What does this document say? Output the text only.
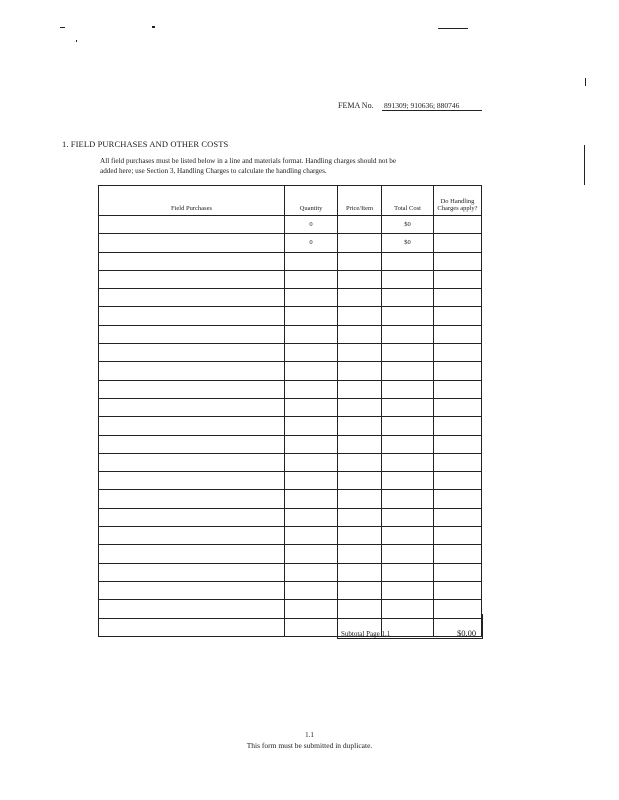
FEMA No. 891309; 910636; 880746
1. FIELD PURCHASES AND OTHER COSTS
All field purchases must be listed below in a line and materials format. Handling charges should not be
added here; use Section 3, Handling Charges to calculate the handling charges.
Field Purchases	Quantity	Price/Item	Total Cost	Do Handling Charges apply?
	0		$0	
	0		$0	

Subtotal Page 1.1	$0.00
1.1
This form must be submitted in duplicate.
